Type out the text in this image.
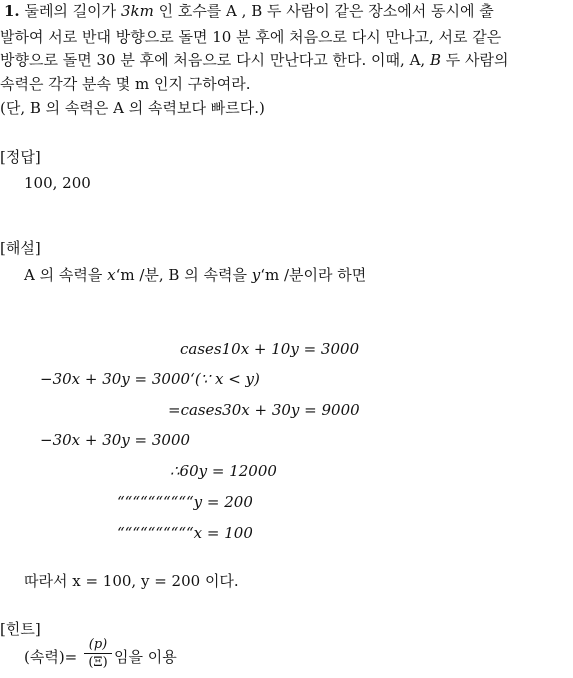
1. 둘레의 길이가 3km 인 호수를 A , B 두 사람이 같은 장소에서 동시에 출
발하여 서로 반대 방향으로 돌면 10 분 후에 처음으로 다시 만나고, 서로 같은
방향으로 돌면 30 분 후에 처음으로 다시 만난다고 한다. 이때, A, B 두 사람의
속력은 각각 분속 몇 m 인지 구하여라.
(단, B 의 속력은 A 의 속력보다 빠르다.)
[정답]
100, 200
[해설]
A 의 속력을 x‘m /분, B 의 속력을 y‘m /분이라 하면
cases10x + 10y = 3000
−30x + 30y = 3000‘(∵ x < y)
=cases30x + 30y = 9000
−30x + 30y = 3000
∴60y = 12000
““““““““““y = 200
““““““““““x = 100
따라서 x = 100, y = 200 이다.
[힌트]
(속력)=
(p)
(Ξ) 임을 이용
